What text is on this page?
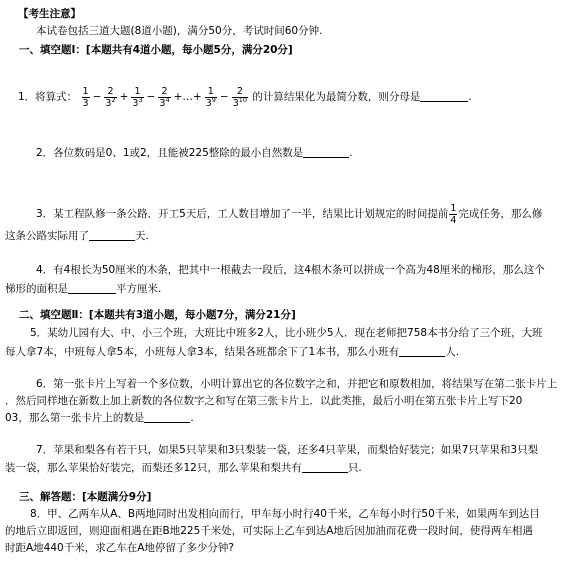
【考生注意】
本试卷包括三道大题(8道小题)，满分50分，考试时间60分钟.
一、填空题Ⅰ：[本题共有4道小题，每小题5分，满分20分]
1．将算式： $\frac{1}{3} - \frac{2}{3^2} + \frac{1}{3^3} - \frac{2}{3^4}$ +…+ $\frac{1}{3^9} - \frac{2}{3^{10}}$ 的计算结果化为最简分数，则分母是	.
2．各位数码是0、1或2，且能被225整除的最小自然数是	.
3．某工程队修一条公路．开工5天后，工人数目增加了一半，结果比计划规定的时间提前 $\frac{1}{4}$ 完成任务，那么修
这条公路实际用了	天.
4．有4根长为50厘米的木条，把其中一根截去一段后，这4根木条可以拼成一个高为48厘米的梯形，那么这个
梯形的面积是	平方厘米.
二、填空题Ⅱ：[本题共有3道小题，每小题7分，满分21分]
5．某幼儿园有大、中、小三个班，大班比中班多2人，比小班少5人．现在老师把758本书分给了三个班，大班
每人拿7本，中班每人拿5本，小班每人拿3本，结果各班都余下了1本书，那么小班有	人.
6．第一张卡片上写着一个多位数，小明计算出它的各位数字之和，并把它和原数相加，将结果写在第二张卡片上
．然后同样地在新数上加上新数的各位数字之和写在第三张卡片上．以此类推，最后小明在第五张卡片上写下20
03，那么第一张卡片上的数是	.
7．苹果和梨各有若干只，如果5只苹果和3只梨装一袋，还多4只苹果，而梨恰好装完；如果7只苹果和3只梨
装一袋，那么苹果恰好装完，而梨还多12只，那么苹果和梨共有	只.
三、解答题：[本题满分9分]
8．甲、乙两车从A、B两地同时出发相向而行，甲车每小时行40千米，乙车每小时行50千米，如果两车到达目
的地后立即返回，则迎面相遇在距B地225千米处，可实际上乙车到达A地后因加油而花费一段时间，使得两车相遇
时距A地440千米，求乙车在A地停留了多少分钟?
